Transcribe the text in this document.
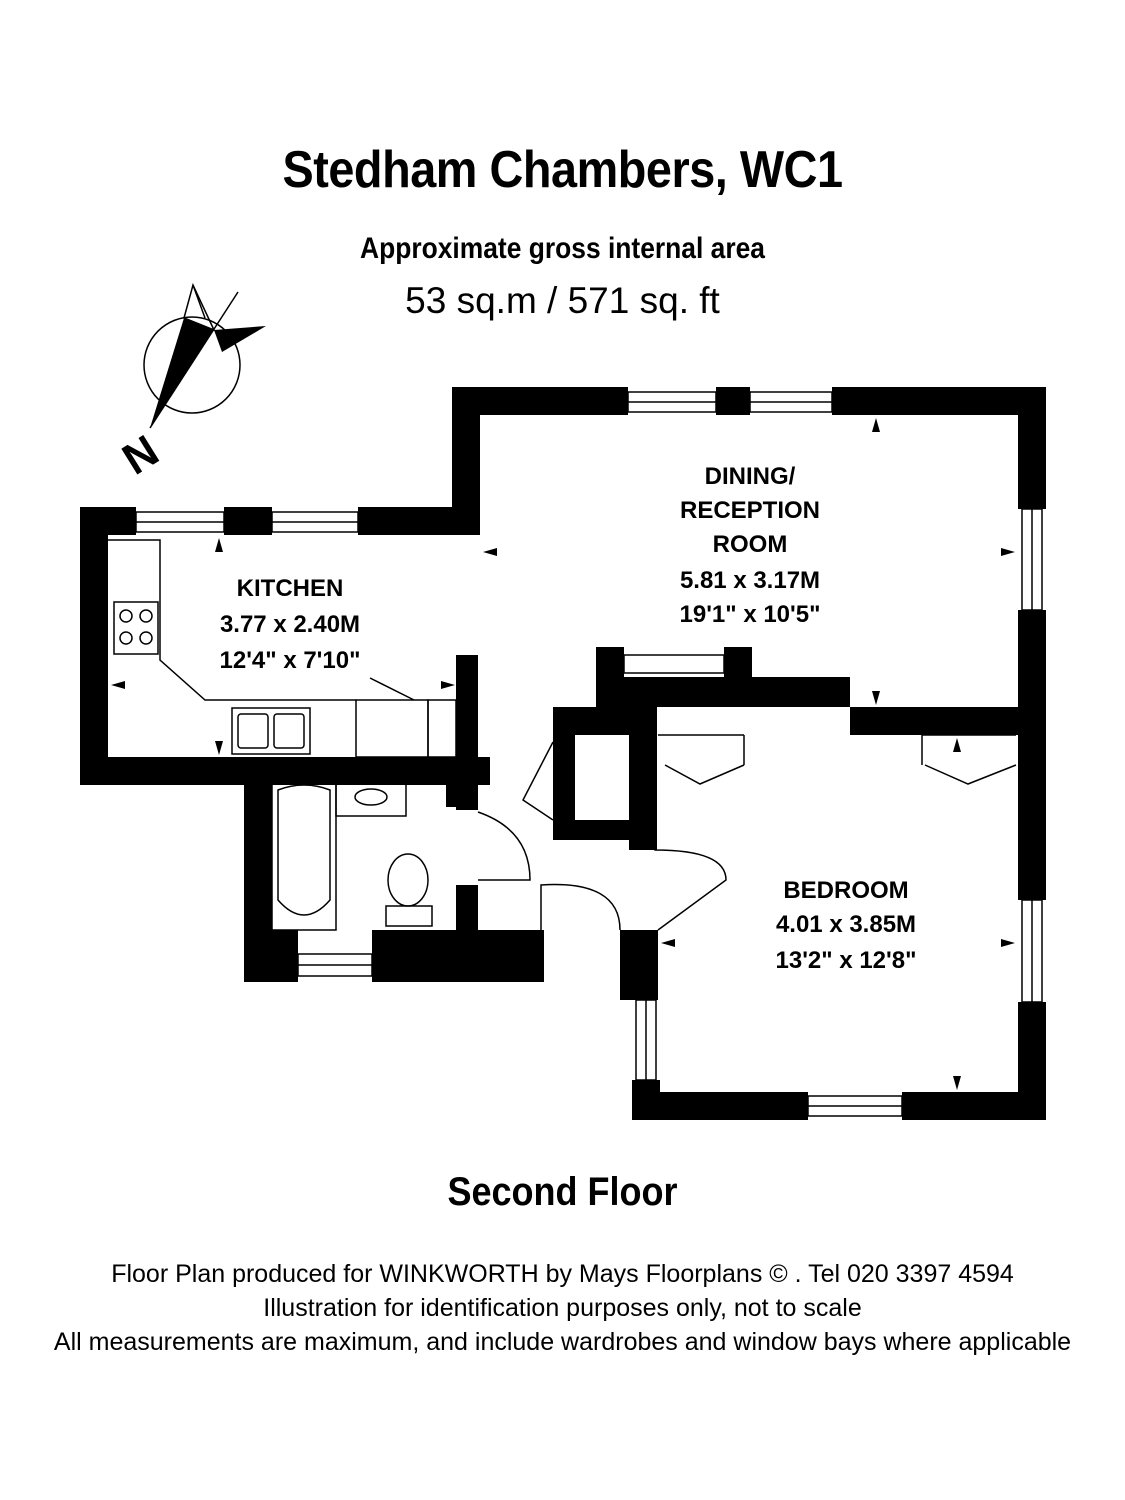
Stedham Chambers, WC1
Approximate gross internal area
53 sq.m / 571 sq. ft
N
KITCHEN
3.77 x 2.40M
12'4" x 7'10"
DINING/
RECEPTION
ROOM
5.81 x 3.17M
19'1" x 10'5"
BEDROOM
4.01 x 3.85M
13'2" x 12'8"
Second Floor
Floor Plan produced for WINKWORTH by Mays Floorplans © . Tel 020 3397 4594
Illustration for identification purposes only, not to scale
All measurements are maximum, and include wardrobes and window bays where applicable
